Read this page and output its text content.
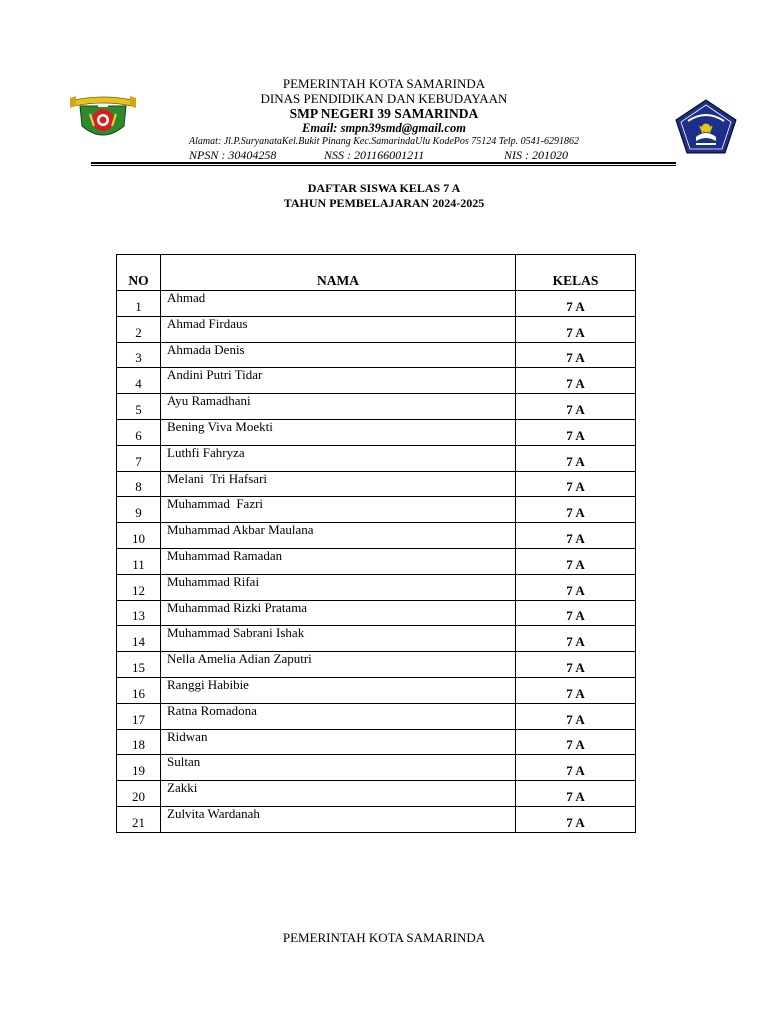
PEMERINTAH KOTA SAMARINDA
DINAS PENDIDIKAN DAN KEBUDAYAAN
SMP NEGERI 39 SAMARINDA
Email: smpn39smd@gmail.com
Alamat: Jl.P.SuryanataKel.Bukit Pinang Kec.SamarindaUlu KodePos 75124 Telp. 0541-6291862
NPSN : 30404258	NSS : 201166001211	NIS : 201020
DAFTAR SISWA KELAS 7 A
TAHUN PEMBELAJARAN 2024-2025
NO	NAMA	KELAS
1	Ahmad	7 A
2	Ahmad Firdaus	7 A
3	Ahmada Denis	7 A
4	Andini Putri Tidar	7 A
5	Ayu Ramadhani	7 A
6	Bening Viva Moekti	7 A
7	Luthfi Fahryza	7 A
8	Melani  Tri Hafsari	7 A
9	Muhammad  Fazri	7 A
10	Muhammad Akbar Maulana	7 A
11	Muhammad Ramadan	7 A
12	Muhammad Rifai	7 A
13	Muhammad Rizki Pratama	7 A
14	Muhammad Sabrani Ishak	7 A
15	Nella Amelia Adian Zaputri	7 A
16	Ranggi Habibie	7 A
17	Ratna Romadona	7 A
18	Ridwan	7 A
19	Sultan	7 A
20	Zakki	7 A
21	Zulvita Wardanah	7 A
PEMERINTAH KOTA SAMARINDA
